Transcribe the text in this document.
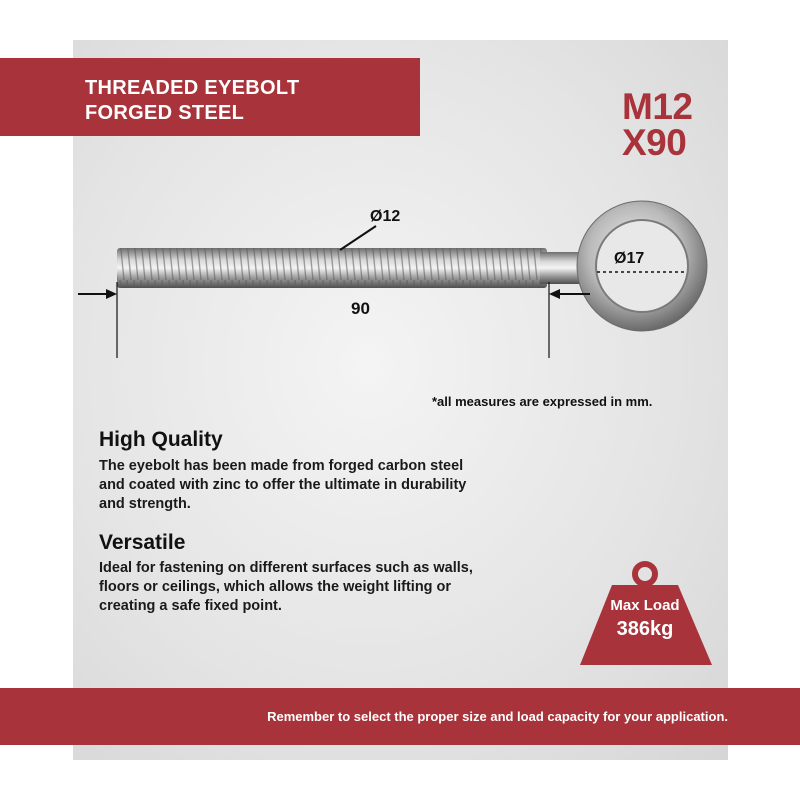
THREADED EYEBOLT
FORGED STEEL	M12
X90
Ø12
Ø17
90
*all measures are expressed in mm.
High Quality
The eyebolt has been made from forged carbon steel and coated with zinc to offer the ultimate in durability and strength.
Versatile
Ideal for fastening on different surfaces such as walls, floors or ceilings, which allows the weight lifting or creating a safe fixed point.	Max Load
386kg
Remember to select the proper size and load capacity for your application.
